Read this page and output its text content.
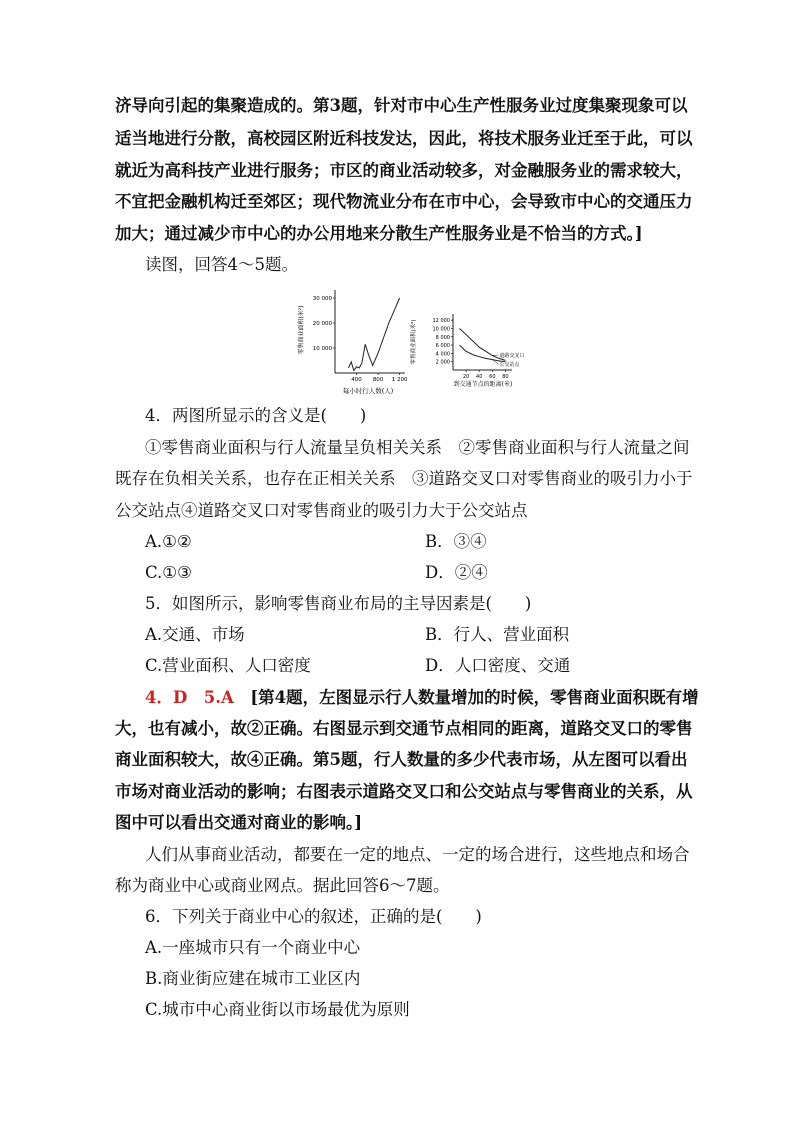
济导向引起的集聚造成的。第3题，针对市中心生产性服务业过度集聚现象可以
适当地进行分散，高校园区附近科技发达，因此，将技术服务业迁至于此，可以
就近为高科技产业进行服务；市区的商业活动较多，对金融服务业的需求较大，
不宜把金融机构迁至郊区；现代物流业分布在市中心，会导致市中心的交通压力
加大；通过减少市中心的办公用地来分散生产性服务业是不恰当的方式。]
读图，回答4～5题。
零售商业面积(米²) 10 000
20 000
30 000
400 800 1 200
每小时行人数(人)
零售商业面积(米²)	2 000
4 000
6 000
8 000
10 000
12 000
20 40 60 80
道路交叉口
公交站点
到交通节点的距离(米)
4．两图所显示的含义是(　　)
①零售商业面积与行人流量呈负相关关系　②零售商业面积与行人流量之间
既存在负相关关系，也存在正相关关系　③道路交叉口对零售商业的吸引力小于
公交站点④道路交叉口对零售商业的吸引力大于公交站点
A.①②	B．③④
C.①③	D．②④
5．如图所示，影响零售商业布局的主导因素是(　　)
A.交通、市场	B．行人、营业面积
C.营业面积、人口密度	D．人口密度、交通
4．D　5.A　 [第4题，左图显示行人数量增加的时候，零售商业面积既有增
大，也有减小，故②正确。右图显示到交通节点相同的距离，道路交叉口的零售
商业面积较大，故④正确。第5题，行人数量的多少代表市场，从左图可以看出
市场对商业活动的影响；右图表示道路交叉口和公交站点与零售商业的关系，从
图中可以看出交通对商业的影响。]
人们从事商业活动，都要在一定的地点、一定的场合进行，这些地点和场合
称为商业中心或商业网点。据此回答6～7题。
6．下列关于商业中心的叙述，正确的是(　　)
A.一座城市只有一个商业中心
B.商业街应建在城市工业区内
C.城市中心商业街以市场最优为原则
